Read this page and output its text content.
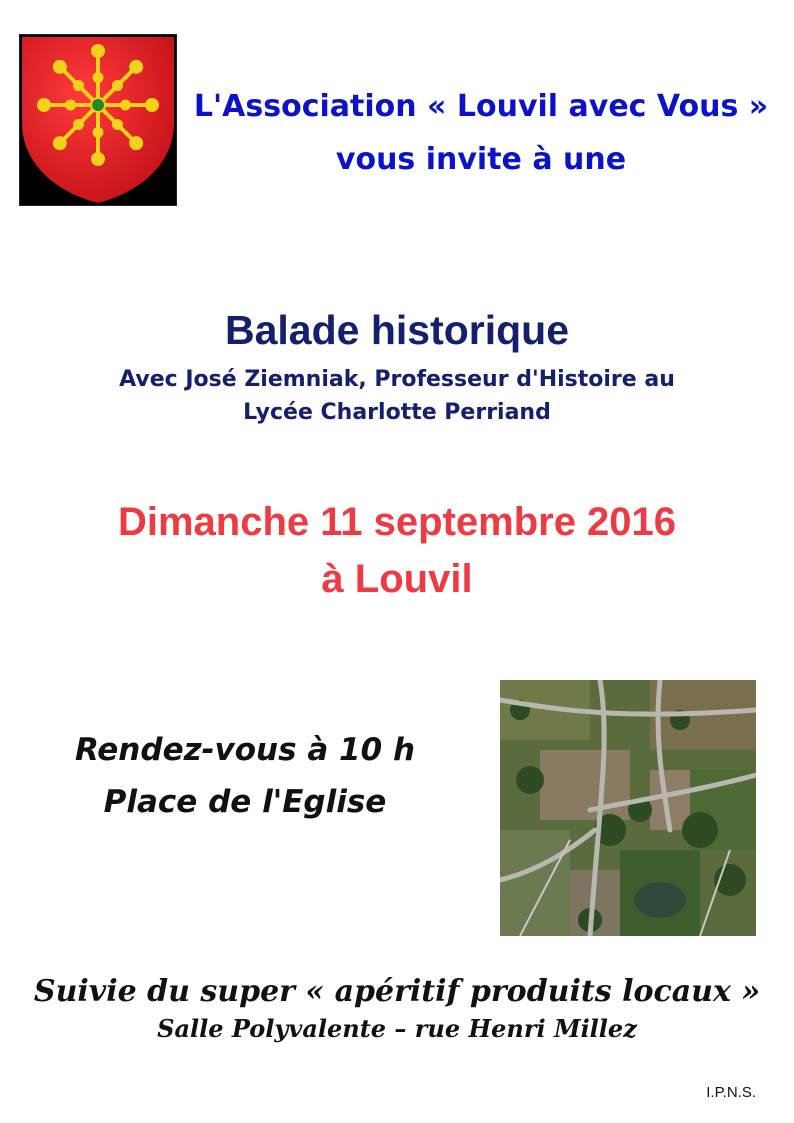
L'Association « Louvil avec Vous »
vous invite à une
Balade historique
Avec José Ziemniak, Professeur d'Histoire au
Lycée Charlotte Perriand
Dimanche 11 septembre 2016
à Louvil
Rendez-vous à 10 h
Place de l'Eglise
Suivie du super « apéritif produits locaux »
Salle Polyvalente – rue Henri Millez
I.P.N.S.
